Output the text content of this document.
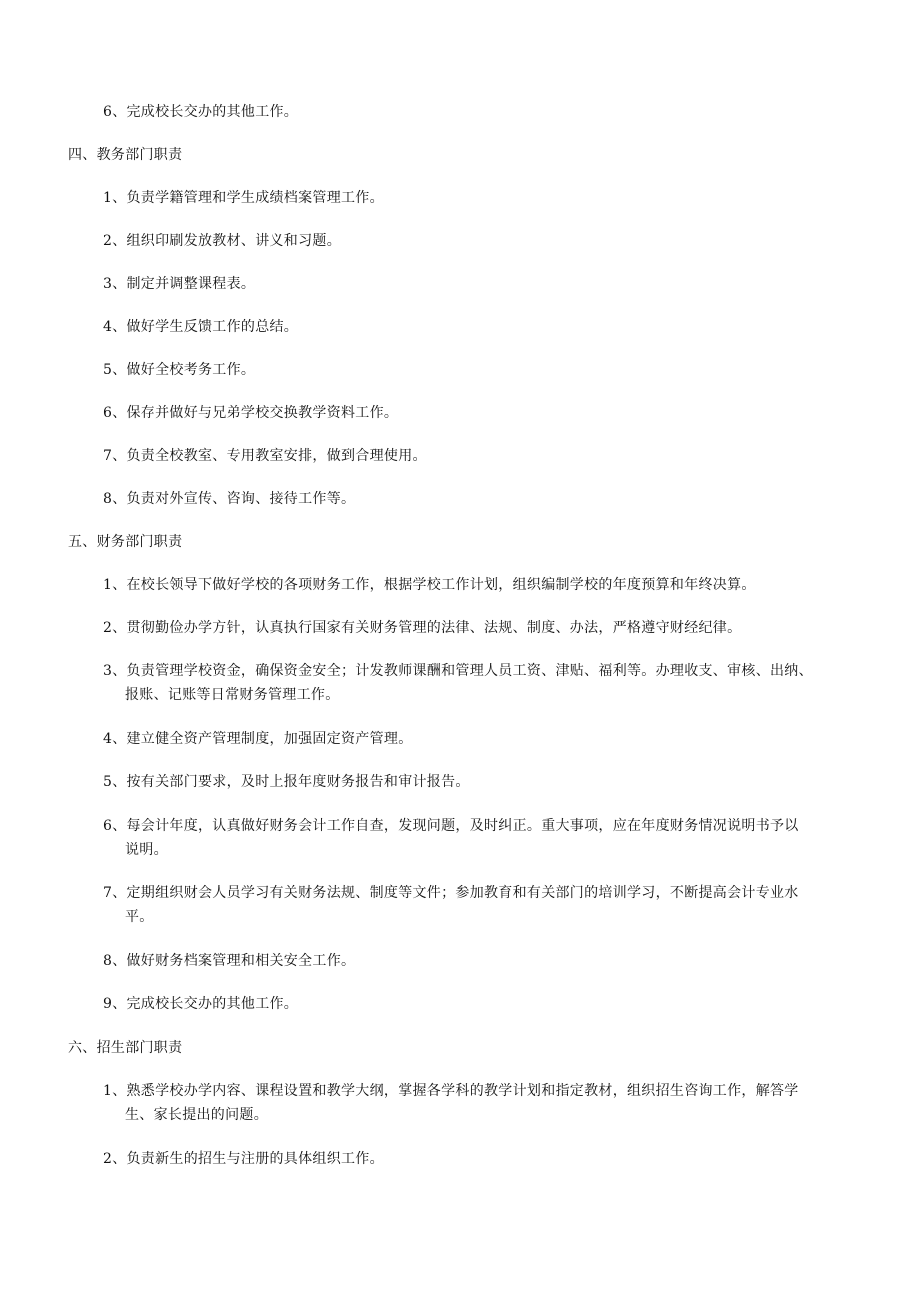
6、完成校长交办的其他工作。
四、教务部门职责
1、负责学籍管理和学生成绩档案管理工作。
2、组织印刷发放教材、讲义和习题。
3、制定并调整课程表。
4、做好学生反馈工作的总结。
5、做好全校考务工作。
6、保存并做好与兄弟学校交换教学资料工作。
7、负责全校教室、专用教室安排，做到合理使用。
8、负责对外宣传、咨询、接待工作等。
五、财务部门职责
1、在校长领导下做好学校的各项财务工作，根据学校工作计划，组织编制学校的年度预算和年终决算。
2、贯彻勤俭办学方针，认真执行国家有关财务管理的法律、法规、制度、办法，严格遵守财经纪律。
3、负责管理学校资金，确保资金安全；计发教师课酬和管理人员工资、津贴、福利等。办理收支、审核、出纳、
报账、记账等日常财务管理工作。
4、建立健全资产管理制度，加强固定资产管理。
5、按有关部门要求，及时上报年度财务报告和审计报告。
6、每会计年度，认真做好财务会计工作自查，发现问题，及时纠正。重大事项，应在年度财务情况说明书予以
说明。
7、定期组织财会人员学习有关财务法规、制度等文件；参加教育和有关部门的培训学习，不断提高会计专业水
平。
8、做好财务档案管理和相关安全工作。
9、完成校长交办的其他工作。
六、招生部门职责
1、熟悉学校办学内容、课程设置和教学大纲，掌握各学科的教学计划和指定教材，组织招生咨询工作，解答学
生、家长提出的问题。
2、负责新生的招生与注册的具体组织工作。
